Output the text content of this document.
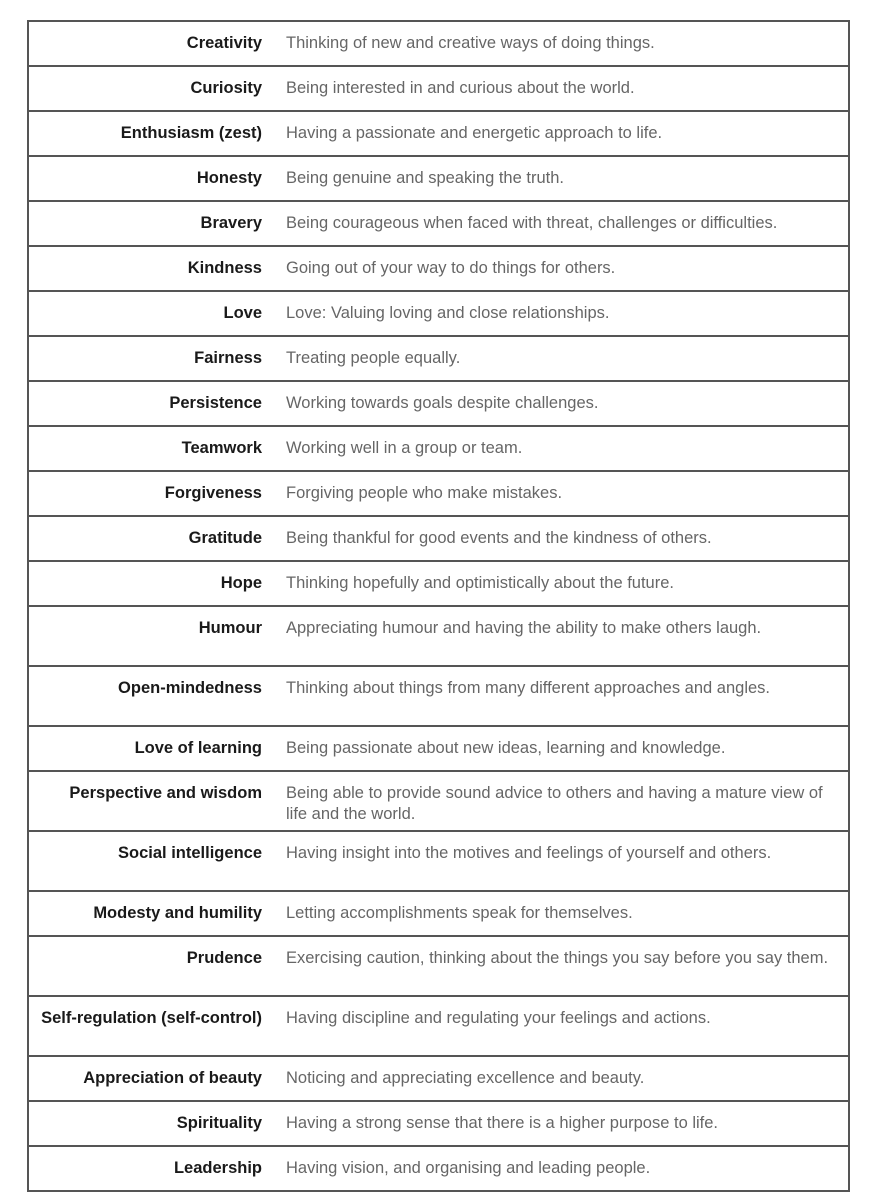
Creativity	Thinking of new and creative ways of doing things.
Curiosity	Being interested in and curious about the world.
Enthusiasm (zest)	Having a passionate and energetic approach to life.
Honesty	Being genuine and speaking the truth.
Bravery	Being courageous when faced with threat, challenges or difficulties.
Kindness	Going out of your way to do things for others.
Love	Love: Valuing loving and close relationships.
Fairness	Treating people equally.
Persistence	Working towards goals despite challenges.
Teamwork	Working well in a group or team.
Forgiveness	Forgiving people who make mistakes.
Gratitude	Being thankful for good events and the kindness of others.
Hope	Thinking hopefully and optimistically about the future.
Humour	Appreciating humour and having the ability to make others laugh.
Open-mindedness	Thinking about things from many different approaches and angles.
Love of learning	Being passionate about new ideas, learning and knowledge.
Perspective and wisdom	Being able to provide sound advice to others and having a mature view of life and the world.
Social intelligence	Having insight into the motives and feelings of yourself and others.
Modesty and humility	Letting accomplishments speak for themselves.
Prudence	Exercising caution, thinking about the things you say before you say them.
Self-regulation (self-control)	Having discipline and regulating your feelings and actions.
Appreciation of beauty	Noticing and appreciating excellence and beauty.
Spirituality	Having a strong sense that there is a higher purpose to life.
Leadership	Having vision, and organising and leading people.
